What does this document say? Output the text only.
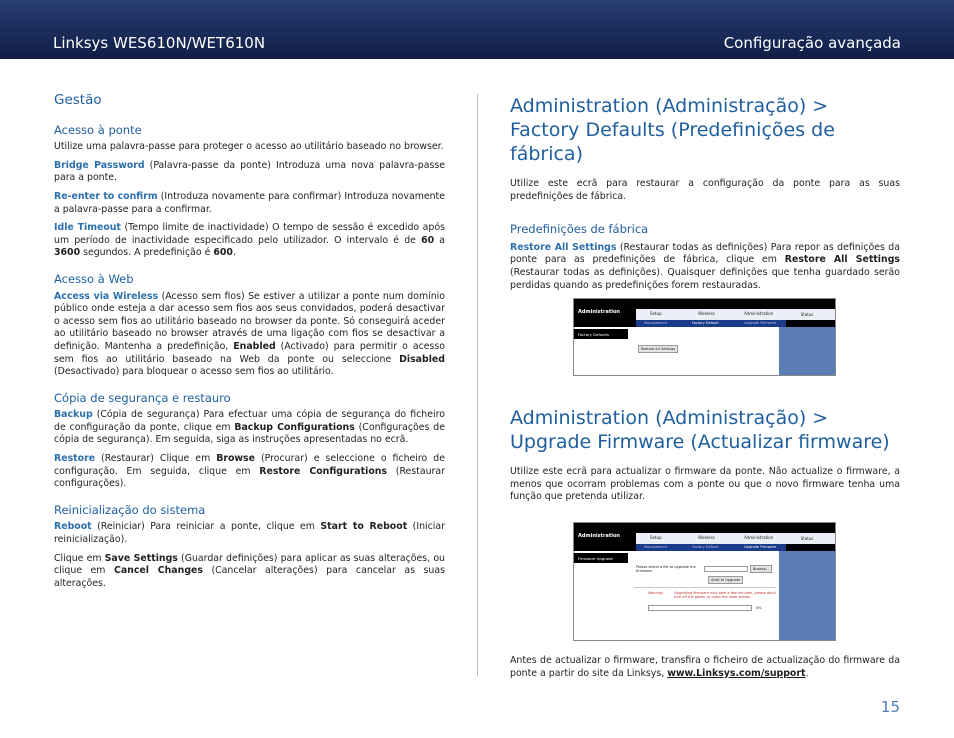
Linksys WES610N/WET610N	Configuração avançada
Gestão
Acesso à ponte

Utilize uma palavra-passe para proteger o acesso ao utilitário baseado no browser.

Bridge Password (Palavra-passe da ponte) Introduza uma nova palavra-passe para a ponte.

Re-enter to confirm (Introduza novamente para confirmar) Introduza novamente a palavra-passe para a confirmar.

Idle Timeout (Tempo limite de inactividade) O tempo de sessão é excedido após um período de inactividade especificado pelo utilizador. O intervalo é de 60 a 3600 segundos. A predefinição é 600.

Acesso à Web

Access via Wireless (Acesso sem fios) Se estiver a utilizar a ponte num domínio público onde esteja a dar acesso sem fios aos seus convidados, poderá desactivar o acesso sem fios ao utilitário baseado no browser da ponte. Só conseguirá aceder ao utilitário baseado no browser através de uma ligação com fios se desactivar a definição. Mantenha a predefinição, Enabled (Activado) para permitir o acesso sem fios ao utilitário baseado na Web da ponte ou seleccione Disabled (Desactivado) para bloquear o acesso sem fios ao utilitário.

Cópia de segurança e restauro

Backup (Cópia de segurança) Para efectuar uma cópia de segurança do ficheiro de configuração da ponte, clique em Backup Configurations (Configurações de cópia de segurança). Em seguida, siga as instruções apresentadas no ecrã.

Restore (Restaurar) Clique em Browse (Procurar) e seleccione o ficheiro de configuração. Em seguida, clique em Restore Configurations (Restaurar configurações).

Reinicialização do sistema

Reboot (Reiniciar) Para reiniciar a ponte, clique em Start to Reboot (Iniciar reinicialização).

Clique em Save Settings (Guardar definições) para aplicar as suas alterações, ou clique em Cancel Changes (Cancelar alterações) para cancelar as suas alterações.

Administration (Administração) > Factory Defaults (Predefinições de fábrica)

Utilize este ecrã para restaurar a configuração da ponte para as suas predefinições de fábrica.

Predefinições de fábrica

Restore All Settings (Restaurar todas as definições) Para repor as definições da ponte para as predefinições de fábrica, clique em Restore All Settings (Restaurar todas as definições). Quaisquer definições que tenha guardado serão perdidas quando as predefinições forem restauradas.

Administration	Setup	Wireless	Administration
Management	Factory Default	Upgrade Firmware
Status
Factory Defaults
Restore All Settings
Administration (Administração) > Upgrade Firmware (Actualizar firmware)

Utilize este ecrã para actualizar o firmware da ponte. Não actualize o firmware, a menos que ocorram problemas com a ponte ou que o novo firmware tenha uma função que pretenda utilizar.

Administration	Setup	Wireless	Administration
Management	Factory Default	Upgrade Firmware
Status
Firmware Upgrade
Please select a file to upgrade the firmware:	Browse...
Start to Upgrade
Warning:	Upgrading firmware may take a few minutes, please don't turn off the power or press the reset button.
0%

Antes de actualizar o firmware, transfira o ficheiro de actualização do firmware da ponte a partir do site da Linksys, www.Linksys.com/support.

15
